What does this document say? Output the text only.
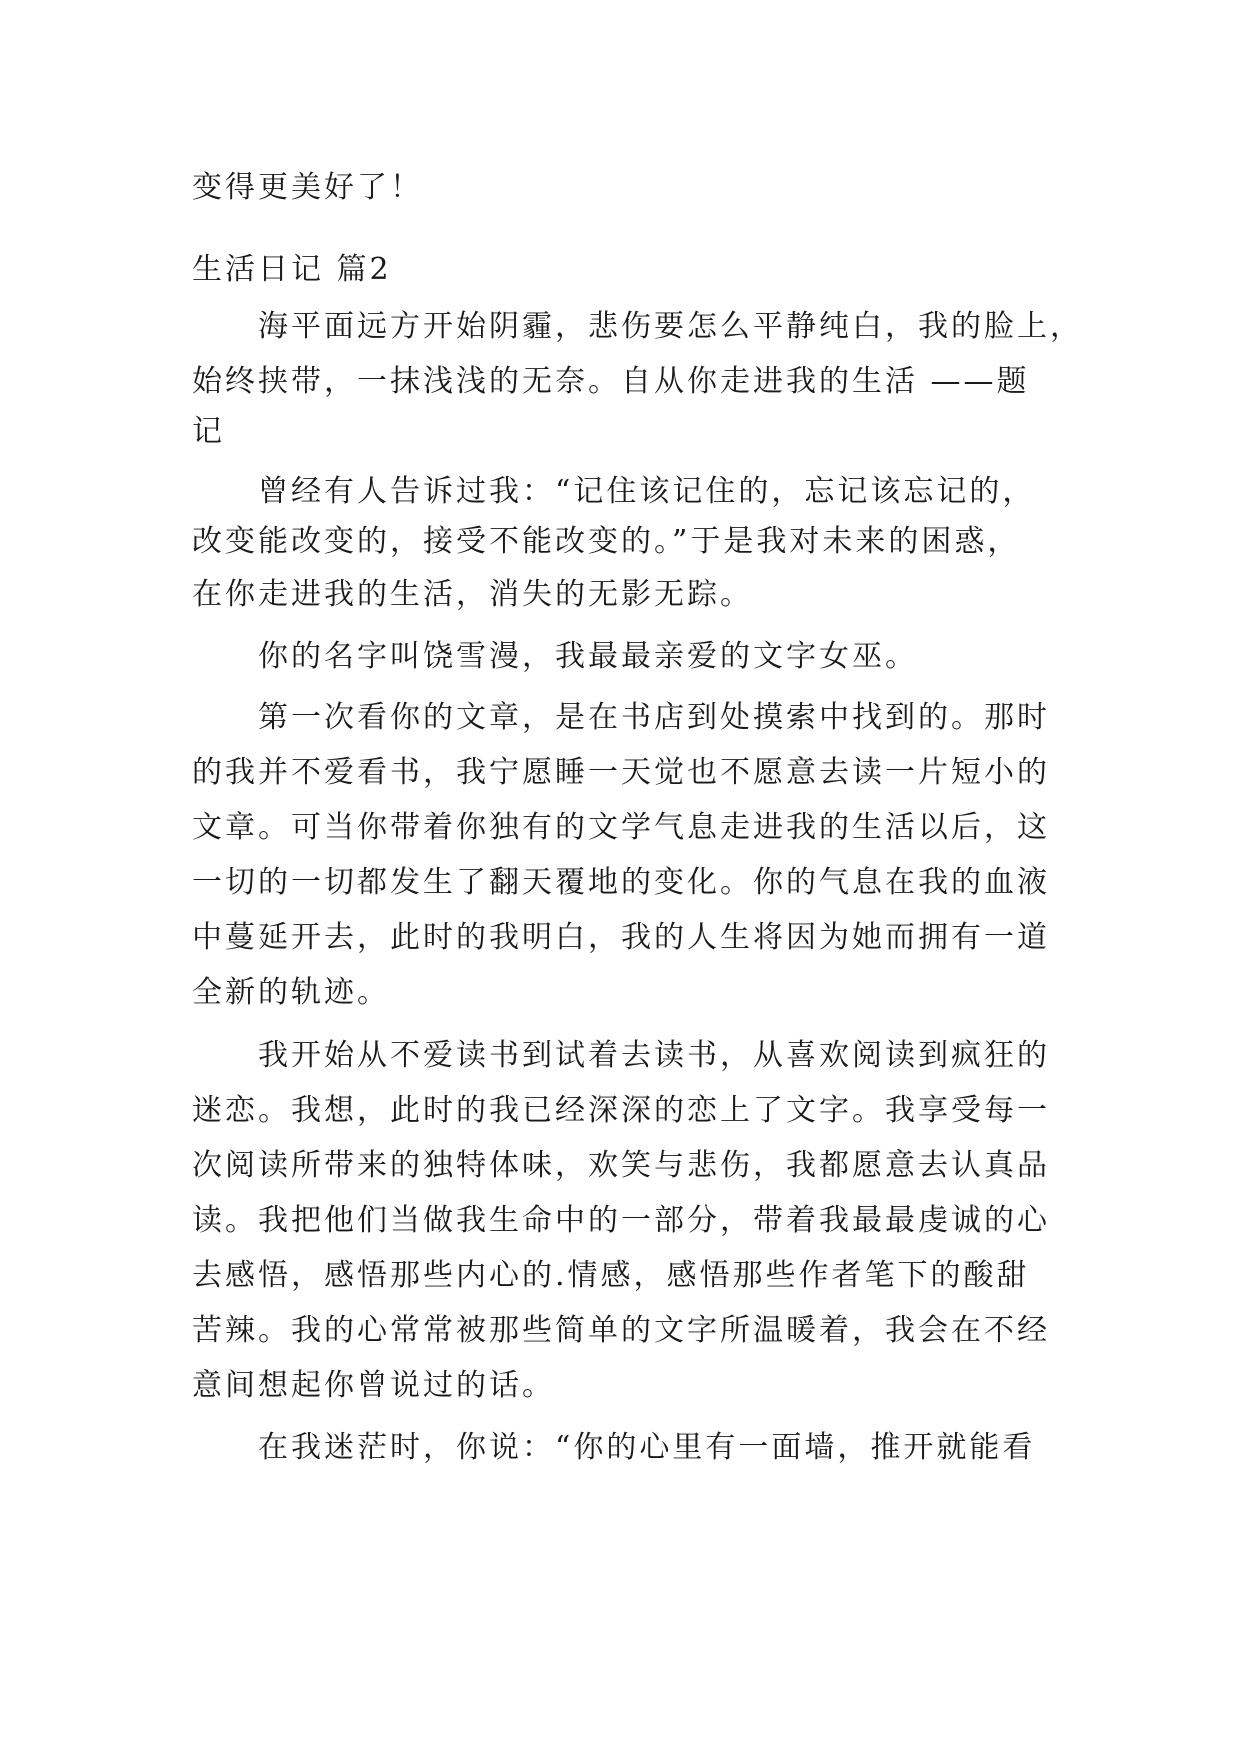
变得更美好了！
生活日记 篇2
海平面远方开始阴霾，悲伤要怎么平静纯白，我的脸上，
始终挟带，一抹浅浅的无奈。自从你走进我的生活 ——题
记
曾经有人告诉过我：“记住该记住的，忘记该忘记的，
改变能改变的，接受不能改变的。”于是我对未来的困惑，
在你走进我的生活，消失的无影无踪。
你的名字叫饶雪漫，我最最亲爱的文字女巫。
第一次看你的文章，是在书店到处摸索中找到的。那时
的我并不爱看书，我宁愿睡一天觉也不愿意去读一片短小的
文章。可当你带着你独有的文学气息走进我的生活以后，这
一切的一切都发生了翻天覆地的变化。你的气息在我的血液
中蔓延开去，此时的我明白，我的人生将因为她而拥有一道
全新的轨迹。
我开始从不爱读书到试着去读书，从喜欢阅读到疯狂的
迷恋。我想，此时的我已经深深的恋上了文字。我享受每一
次阅读所带来的独特体味，欢笑与悲伤，我都愿意去认真品
读。我把他们当做我生命中的一部分，带着我最最虔诚的心
去感悟，感悟那些内心的.情感，感悟那些作者笔下的酸甜
苦辣。我的心常常被那些简单的文字所温暖着，我会在不经
意间想起你曾说过的话。
在我迷茫时，你说：“你的心里有一面墙，推开就能看
